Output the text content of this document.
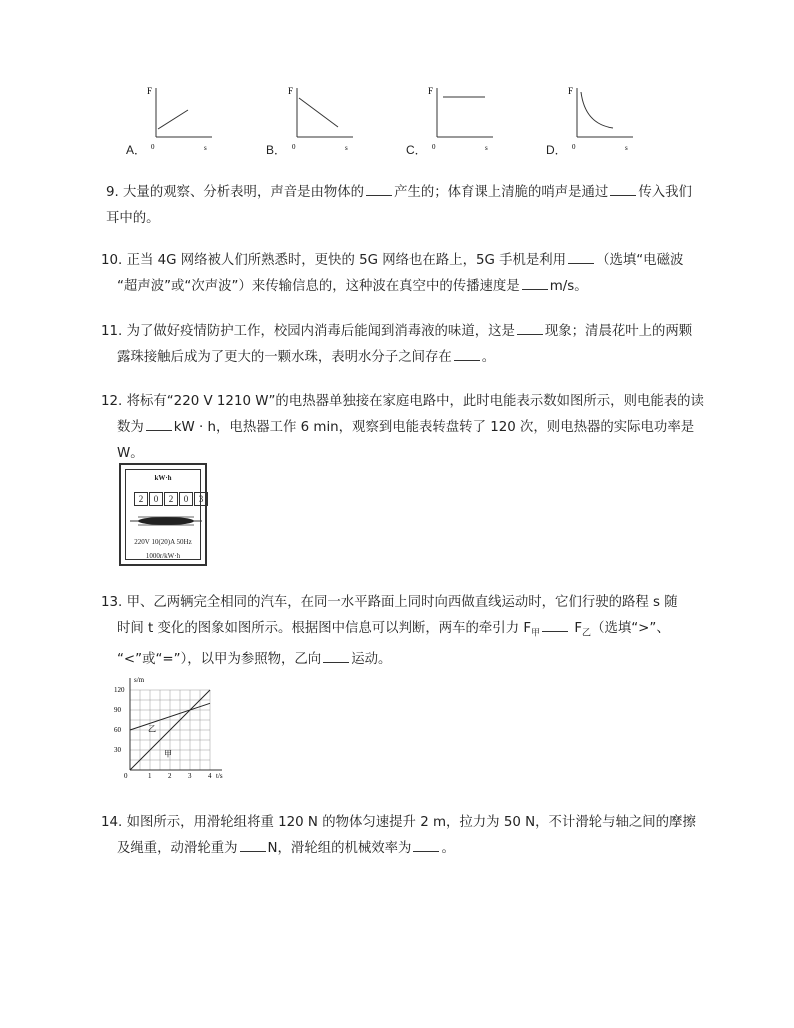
A．
F
0	s	B．
F
0	s	C．
F
0	s	D．
F
0	s
9. 大量的观察、分析表明，声音是由物体的 产生的；体育课上清脆的哨声是通过 传入我们
耳中的。
10. 正当 4G 网络被人们所熟悉时，更快的 5G 网络也在路上，5G 手机是利用 （选填“电磁波
“超声波”或“次声波”）来传输信息的，这种波在真空中的传播速度是 m/s。
11. 为了做好疫情防护工作，校园内消毒后能闻到消毒液的味道，这是 现象；清晨花叶上的两颗
露珠接触后成为了更大的一颗水珠，表明水分子之间存在 。
12. 将标有“220 V 1210 W”的电热器单独接在家庭电路中，此时电能表示数如图所示，则电能表的读
数为 kW · h，电热器工作 6 min，观察到电能表转盘转了 120 次，则电热器的实际电功率是
W。
kW·h
2	0	2	0	3
220V 10(20)A 50Hz
1000r/kW·h
13. 甲、乙两辆完全相同的汽车，在同一水平路面上同时向西做直线运动时，它们行驶的路程 s 随
时间 t 变化的图象如图所示。根据图中信息可以判断，两车的牵引力 $F_甲$	$F_乙$（选填“>”、
“<”或“=”），以甲为参照物，乙向 运动。
s/m
t/s
0	1 2 3 4
30
60
90
120
甲
乙
14. 如图所示，用滑轮组将重 120 N 的物体匀速提升 2 m，拉力为 50 N，不计滑轮与轴之间的摩擦
及绳重，动滑轮重为 N，滑轮组的机械效率为 。
